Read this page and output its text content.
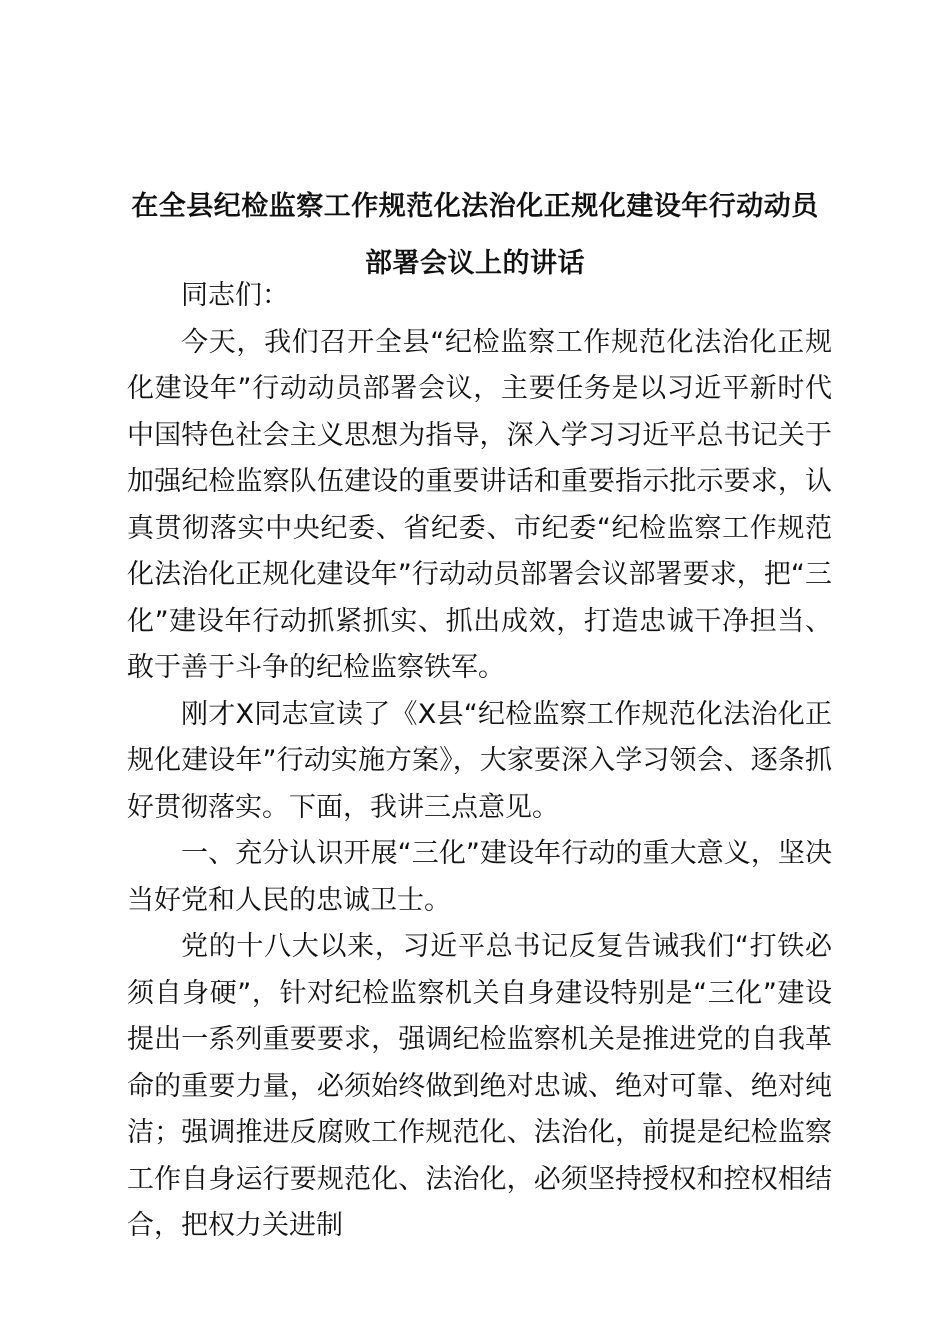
在全县纪检监察工作规范化法治化正规化建设年行动动员部署会议上的讲话

同志们：

今天，我们召开全县“纪检监察工作规范化法治化正规化建设年”行动动员部署会议，主要任务是以习近平新时代中国特色社会主义思想为指导，深入学习习近平总书记关于加强纪检监察队伍建设的重要讲话和重要指示批示要求，认真贯彻落实中央纪委、省纪委、市纪委“纪检监察工作规范化法治化正规化建设年”行动动员部署会议部署要求，把“三化”建设年行动抓紧抓实、抓出成效，打造忠诚干净担当、敢于善于斗争的纪检监察铁军。

刚才X同志宣读了《X县“纪检监察工作规范化法治化正规化建设年”行动实施方案》，大家要深入学习领会、逐条抓好贯彻落实。下面，我讲三点意见。

一、充分认识开展“三化”建设年行动的重大意义，坚决当好党和人民的忠诚卫士。

党的十八大以来，习近平总书记反复告诫我们“打铁必须自身硬”，针对纪检监察机关自身建设特别是“三化”建设提出一系列重要要求，强调纪检监察机关是推进党的自我革命的重要力量，必须始终做到绝对忠诚、绝对可靠、绝对纯洁；强调推进反腐败工作规范化、法治化，前提是纪检监察工作自身运行要规范化、法治化，必须坚持授权和控权相结合，把权力关进制
